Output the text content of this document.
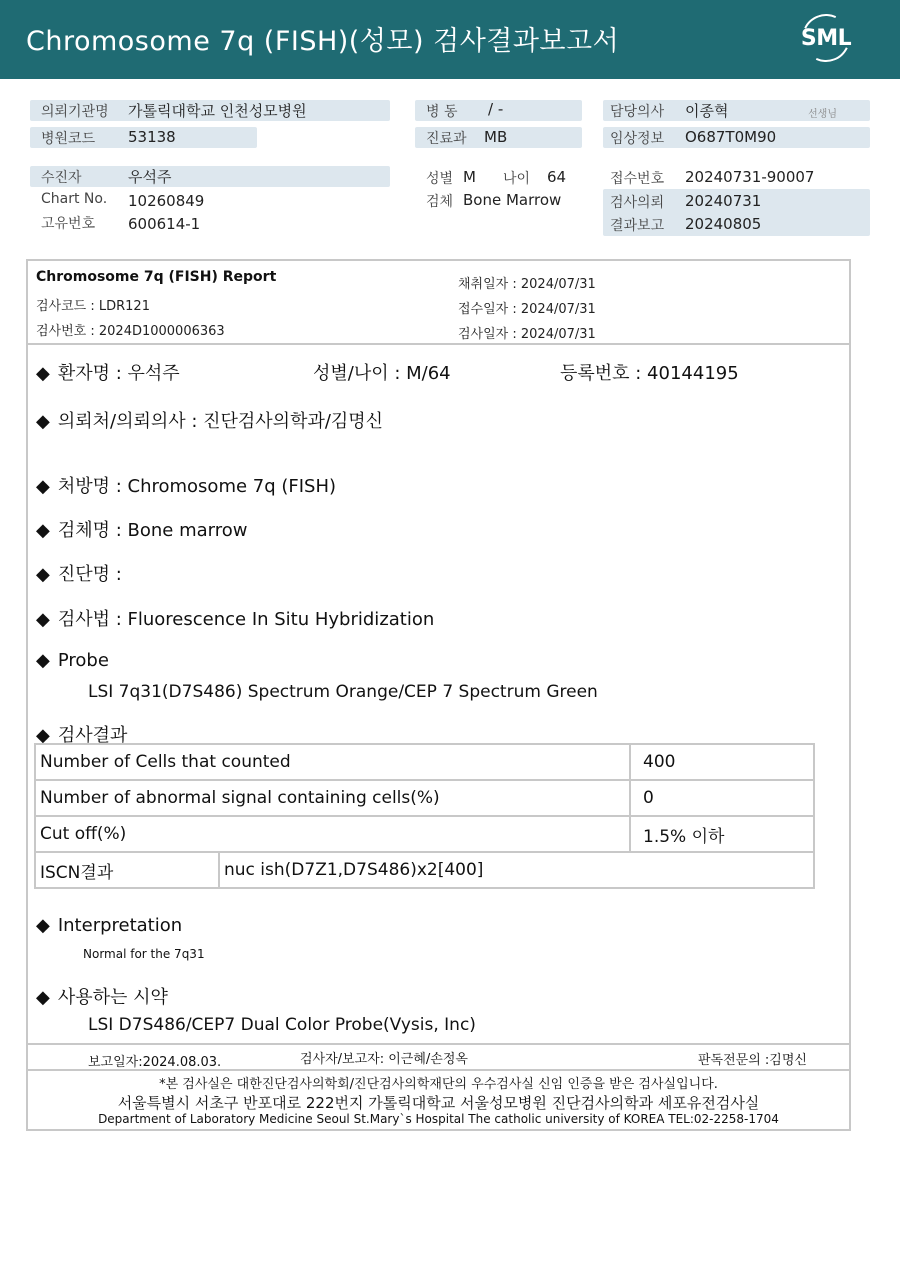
Chromosome 7q (FISH)(성모) 검사결과보고서	SML
의뢰기관명 가톨릭대학교 인천성모병원
병원코드 53138
병 동 / -
진료과 MB
담당의사 이종혁	선생님
임상정보 O687T0M90
수진자	우석주
Chart No. 10260849
고유번호 600614-1
성별 M 나이 64
검체 Bone Marrow
접수번호 20240731-90007
검사의뢰 20240731
결과보고 20240805
Chromosome 7q (FISH) Report
검사코드 : LDR121
검사번호 : 2024D1000006363
채취일자 : 2024/07/31
접수일자 : 2024/07/31
검사일자 : 2024/07/31
◆ 환자명 : 우석주	성별/나이 : M/64	등록번호 : 40144195
◆ 의뢰처/의뢰의사 : 진단검사의학과/김명신
◆ 처방명 : Chromosome 7q (FISH)
◆ 검체명 : Bone marrow
◆ 진단명 :
◆ 검사법 : Fluorescence In Situ Hybridization
◆ Probe
LSI 7q31(D7S486) Spectrum Orange/CEP 7 Spectrum Green
◆ 검사결과
Number of Cells that counted		400
Number of abnormal signal containing cells(%)		0
Cut off(%)		1.5% 이하
ISCN결과	nuc ish(D7Z1,D7S486)x2[400]	
◆ Interpretation
Normal for the 7q31
◆ 사용하는 시약
LSI D7S486/CEP7 Dual Color Probe(Vysis, Inc)
보고일자:2024.08.03.	검사자/보고자: 이근혜/손정옥	판독전문의 :김명신
*본 검사실은 대한진단검사의학회/진단검사의학재단의 우수검사실 신임 인증을 받은 검사실입니다.
서울특별시 서초구 반포대로 222번지 가톨릭대학교 서울성모병원 진단검사의학과 세포유전검사실
Department of Laboratory Medicine Seoul St.Mary`s Hospital The catholic university of KOREA TEL:02-2258-1704
